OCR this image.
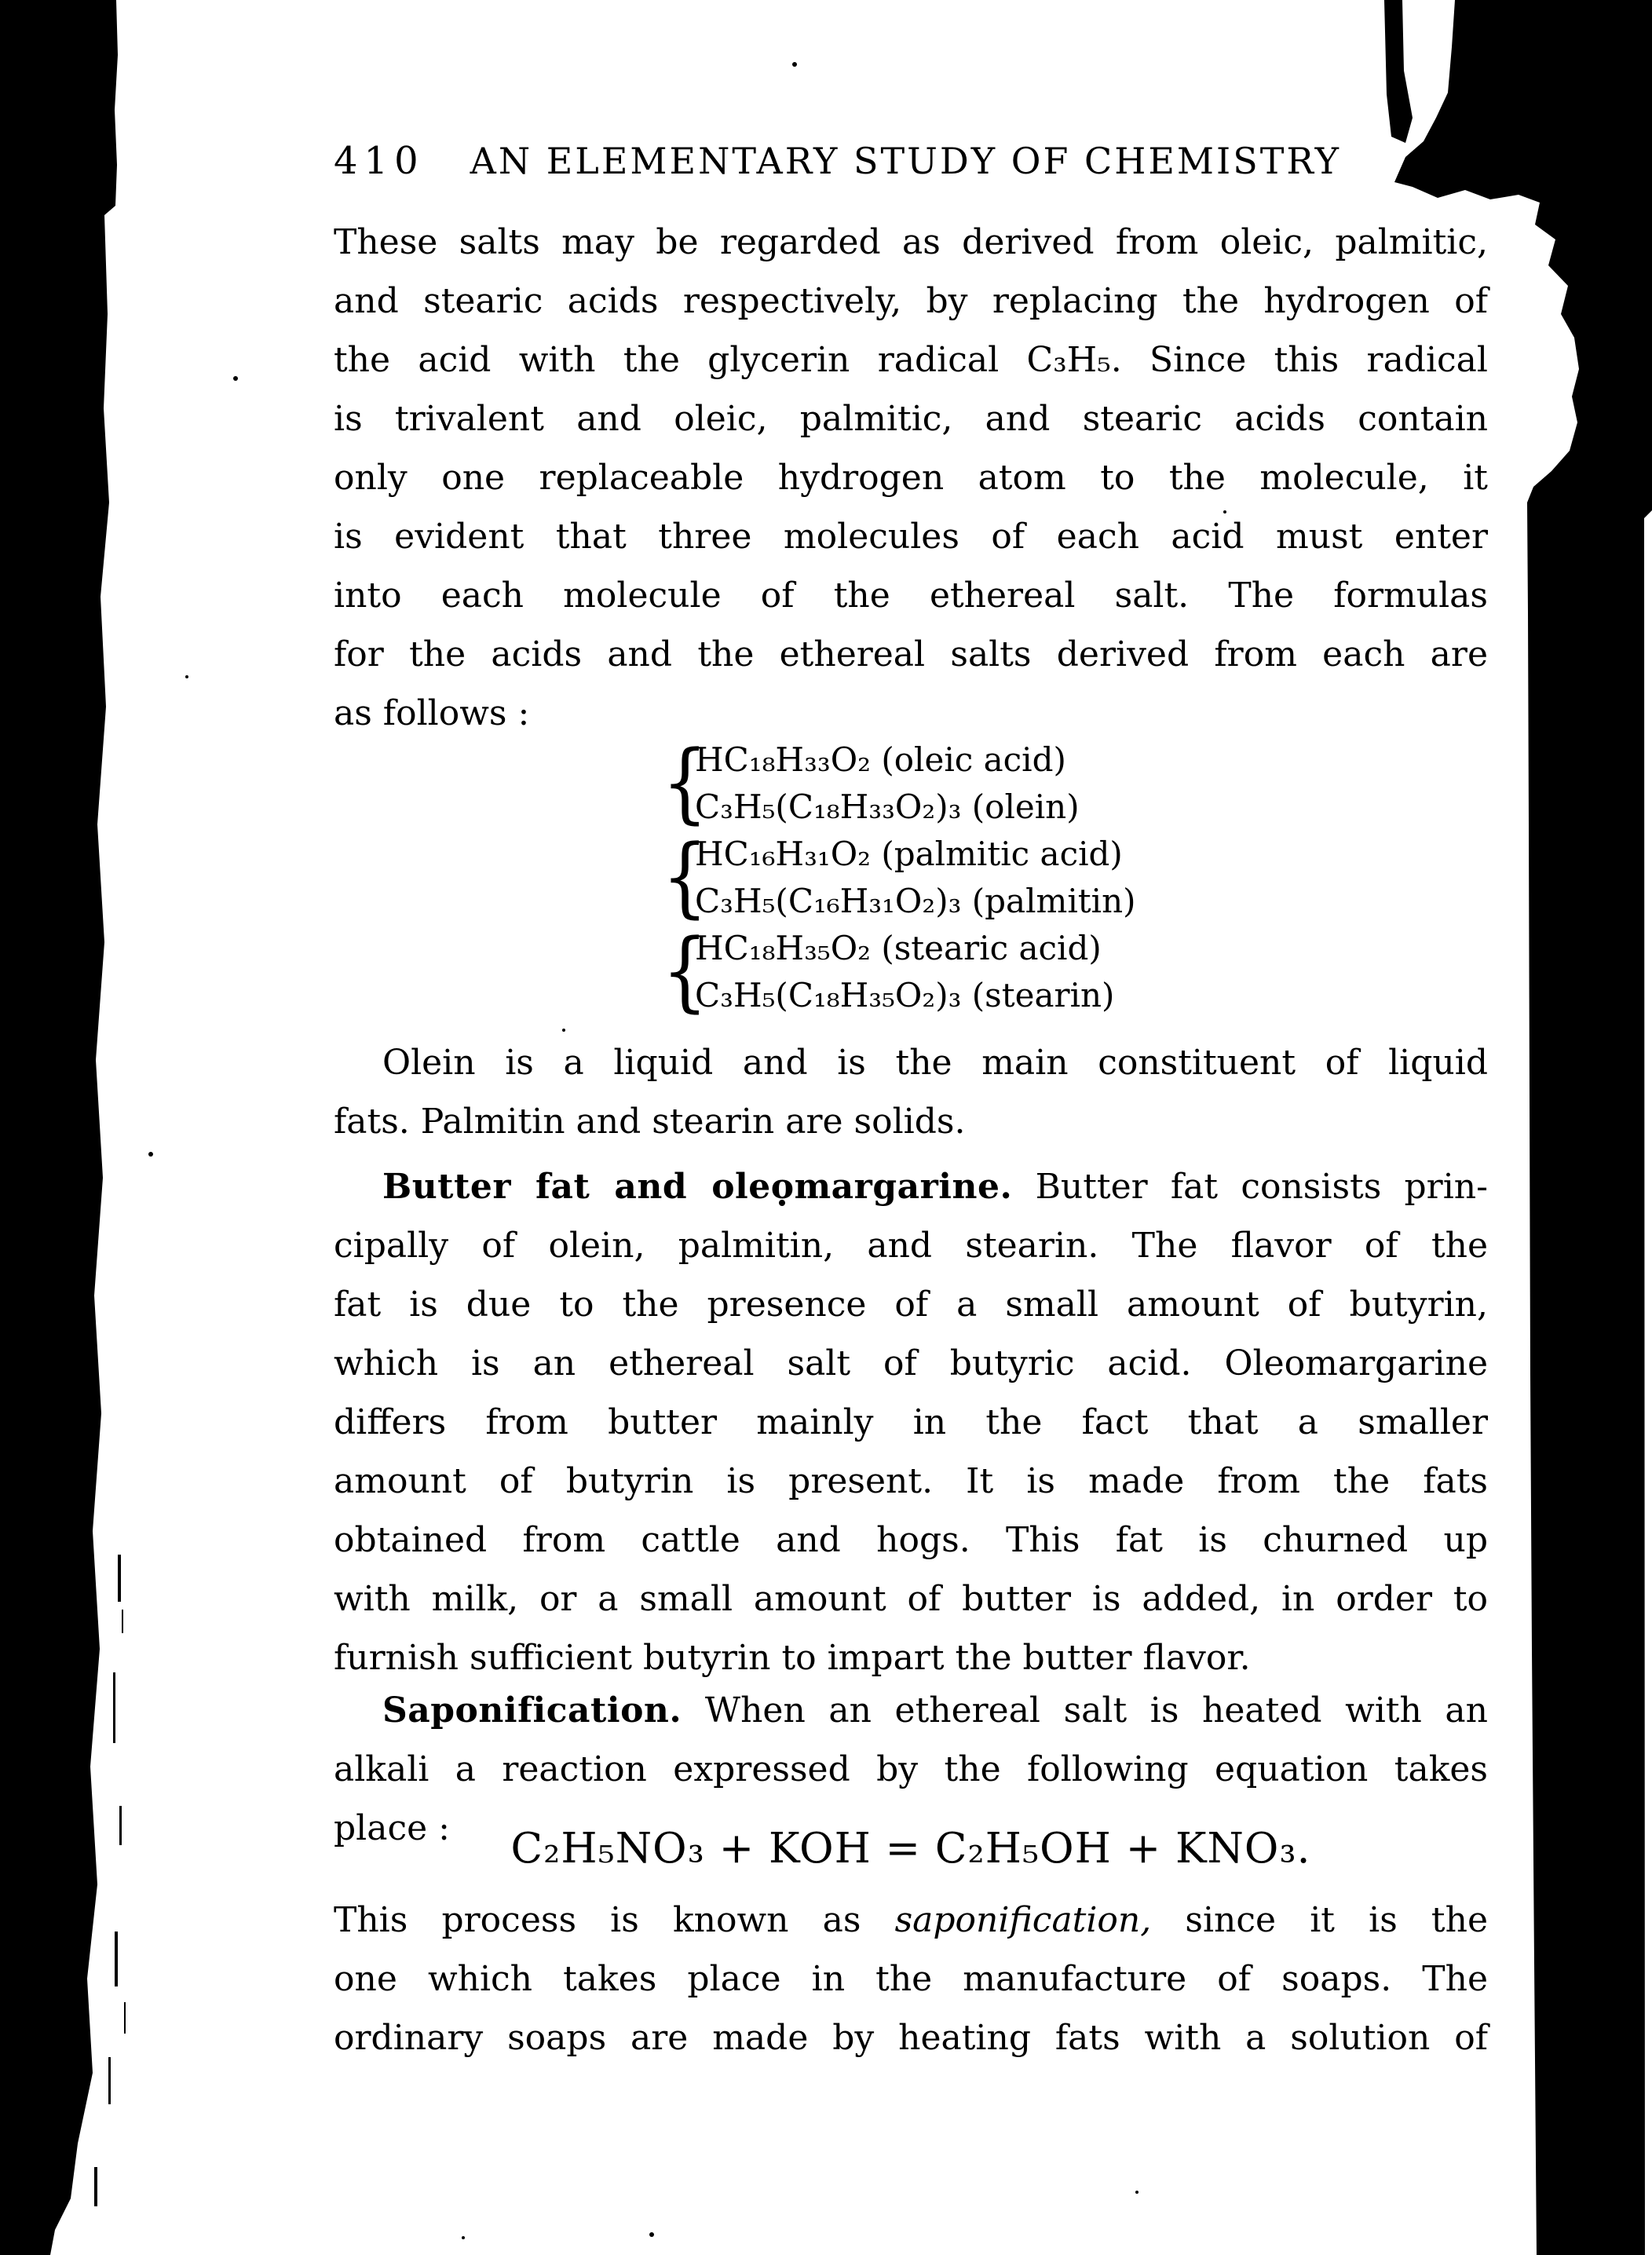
410 AN ELEMENTARY STUDY OF CHEMISTRY
These salts may be regarded as derived from oleic, palmitic,
and stearic acids respectively, by replacing the hydrogen of
the acid with the glycerin radical C₃H₅. Since this radical
is trivalent and oleic, palmitic, and stearic acids contain
only one replaceable hydrogen atom to the molecule, it
is evident that three molecules of each acid must enter
into each molecule of the ethereal salt. The formulas
for the acids and the ethereal salts derived from each are
as follows :
{
HC₁₈H₃₃O₂ (oleic acid)
C₃H₅(C₁₈H₃₃O₂)₃ (olein)
{
HC₁₆H₃₁O₂ (palmitic acid)
C₃H₅(C₁₆H₃₁O₂)₃ (palmitin)
{
HC₁₈H₃₅O₂ (stearic acid)
C₃H₅(C₁₈H₃₅O₂)₃ (stearin)
Olein is a liquid and is the main constituent of liquid
fats. Palmitin and stearin are solids.
Butter fat and oleomargarine. Butter fat consists prin-
cipally of olein, palmitin, and stearin. The flavor of the
fat is due to the presence of a small amount of butyrin,
which is an ethereal salt of butyric acid. Oleomargarine
differs from butter mainly in the fact that a smaller
amount of butyrin is present. It is made from the fats
obtained from cattle and hogs. This fat is churned up
with milk, or a small amount of butter is added, in order to
furnish sufficient butyrin to impart the butter flavor.
Saponification. When an ethereal salt is heated with an
alkali a reaction expressed by the following equation takes
place :	C₂H₅NO₃ + KOH = C₂H₅OH + KNO₃.
This process is known as saponification, since it is the
one which takes place in the manufacture of soaps. The
ordinary soaps are made by heating fats with a solution of
